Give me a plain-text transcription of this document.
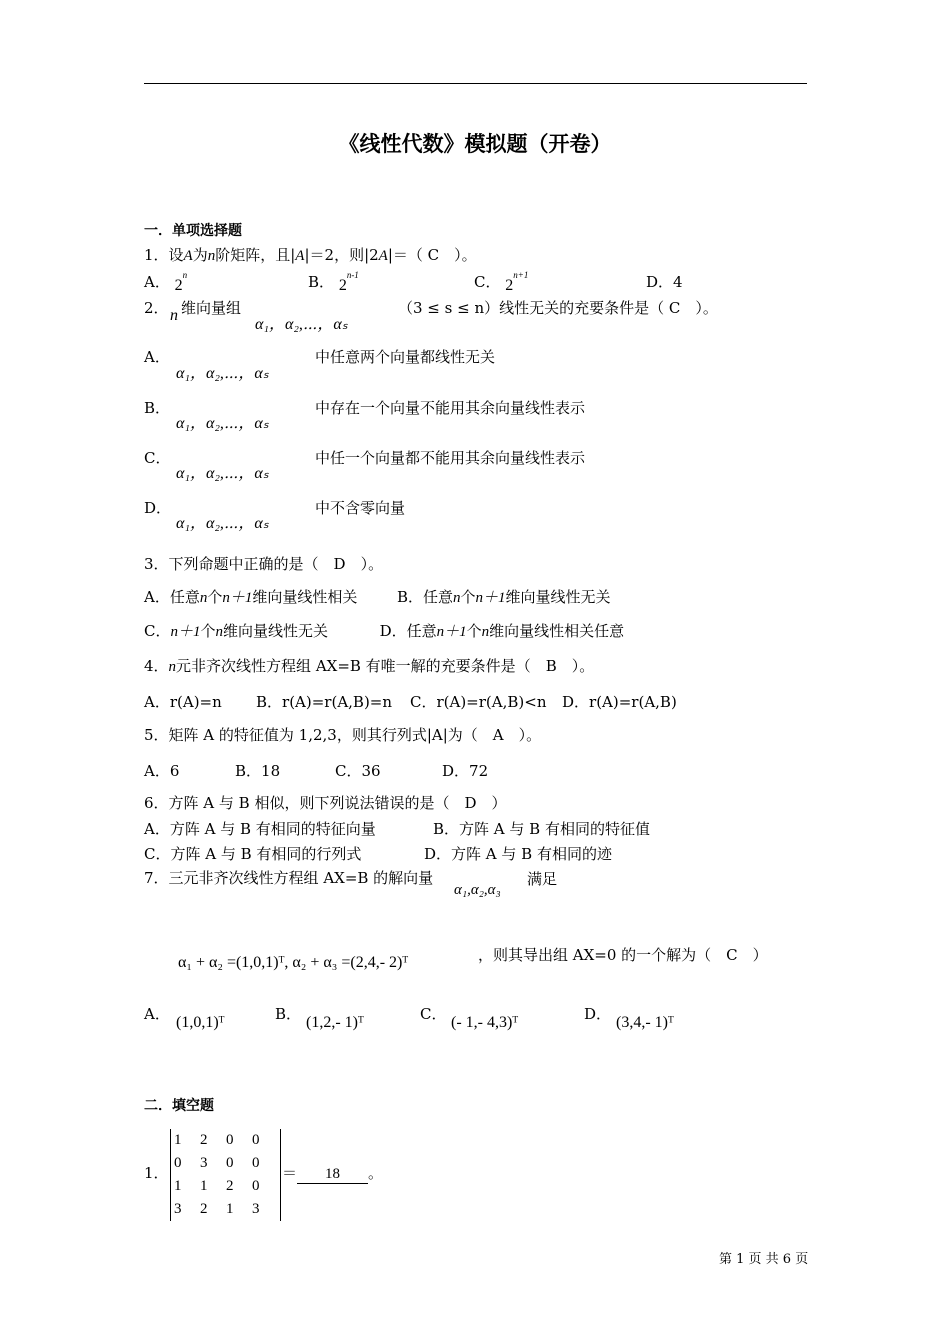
《线性代数》模拟题（开卷）
一．单项选择题
1．设A为n阶矩阵，且|A|＝2，则|2A|＝（ C　）。
A． 2$^n$	B． 2$^{n-1}$	C． $2^{n+1}$	D．4
2． n 维向量组
α₁，α₂,⋯，αₛ
（3 ≤ s ≤ n）线性无关的充要条件是（ C　）。
A．
α₁，α₂,⋯，αₛ
中任意两个向量都线性无关
B．
α₁，α₂,⋯，αₛ
中存在一个向量不能用其余向量线性表示
C．
α₁，α₂,⋯，αₛ
中任一个向量都不能用其余向量线性表示
D．
α₁，α₂,⋯，αₛ
中不含零向量
3．下列命题中正确的是（　D　）。
A．任意n个n＋1维向量线性相关	B．任意n个n＋1维向量线性无关
C．n＋1个n维向量线性无关	D．任意n＋1个n维向量线性相关任意
4．n元非齐次线性方程组 AX=B 有唯一解的充要条件是（　B　）。
A．r(A)=n B．r(A)=r(A,B)=n C．r(A)=r(A,B)<n D．r(A)=r(A,B)
5．矩阵 A 的特征值为 1,2,3，则其行列式|A|为（　A　）。
A．6	B．18	C．36	D．72
6．方阵 A 与 B 相似，则下列说法错误的是（　D　）
A．方阵 A 与 B 有相同的特征向量	B．方阵 A 与 B 有相同的特征值
C．方阵 A 与 B 有相同的行列式	D．方阵 A 与 B 有相同的迹
7．三元非齐次线性方程组 AX=B 的解向量
α₁,α₂,α₃
满足
α₁ + α₂ =(1,0,1)ᵀ, α₂ + α₃ =(2,4,- 2)ᵀ	，则其导出组 AX=0 的一个解为（　C　）
A． (1,0,1)ᵀ	B． (1,2,- 1)ᵀ	C． (- 1,- 4,3)ᵀ	D． (3,4,- 1)ᵀ
二．填空题
1．
1	2	0	0
0	3	0	0
1	1	2	0
3	2	1	3
＝ 18 。
第 1 页 共 6 页
